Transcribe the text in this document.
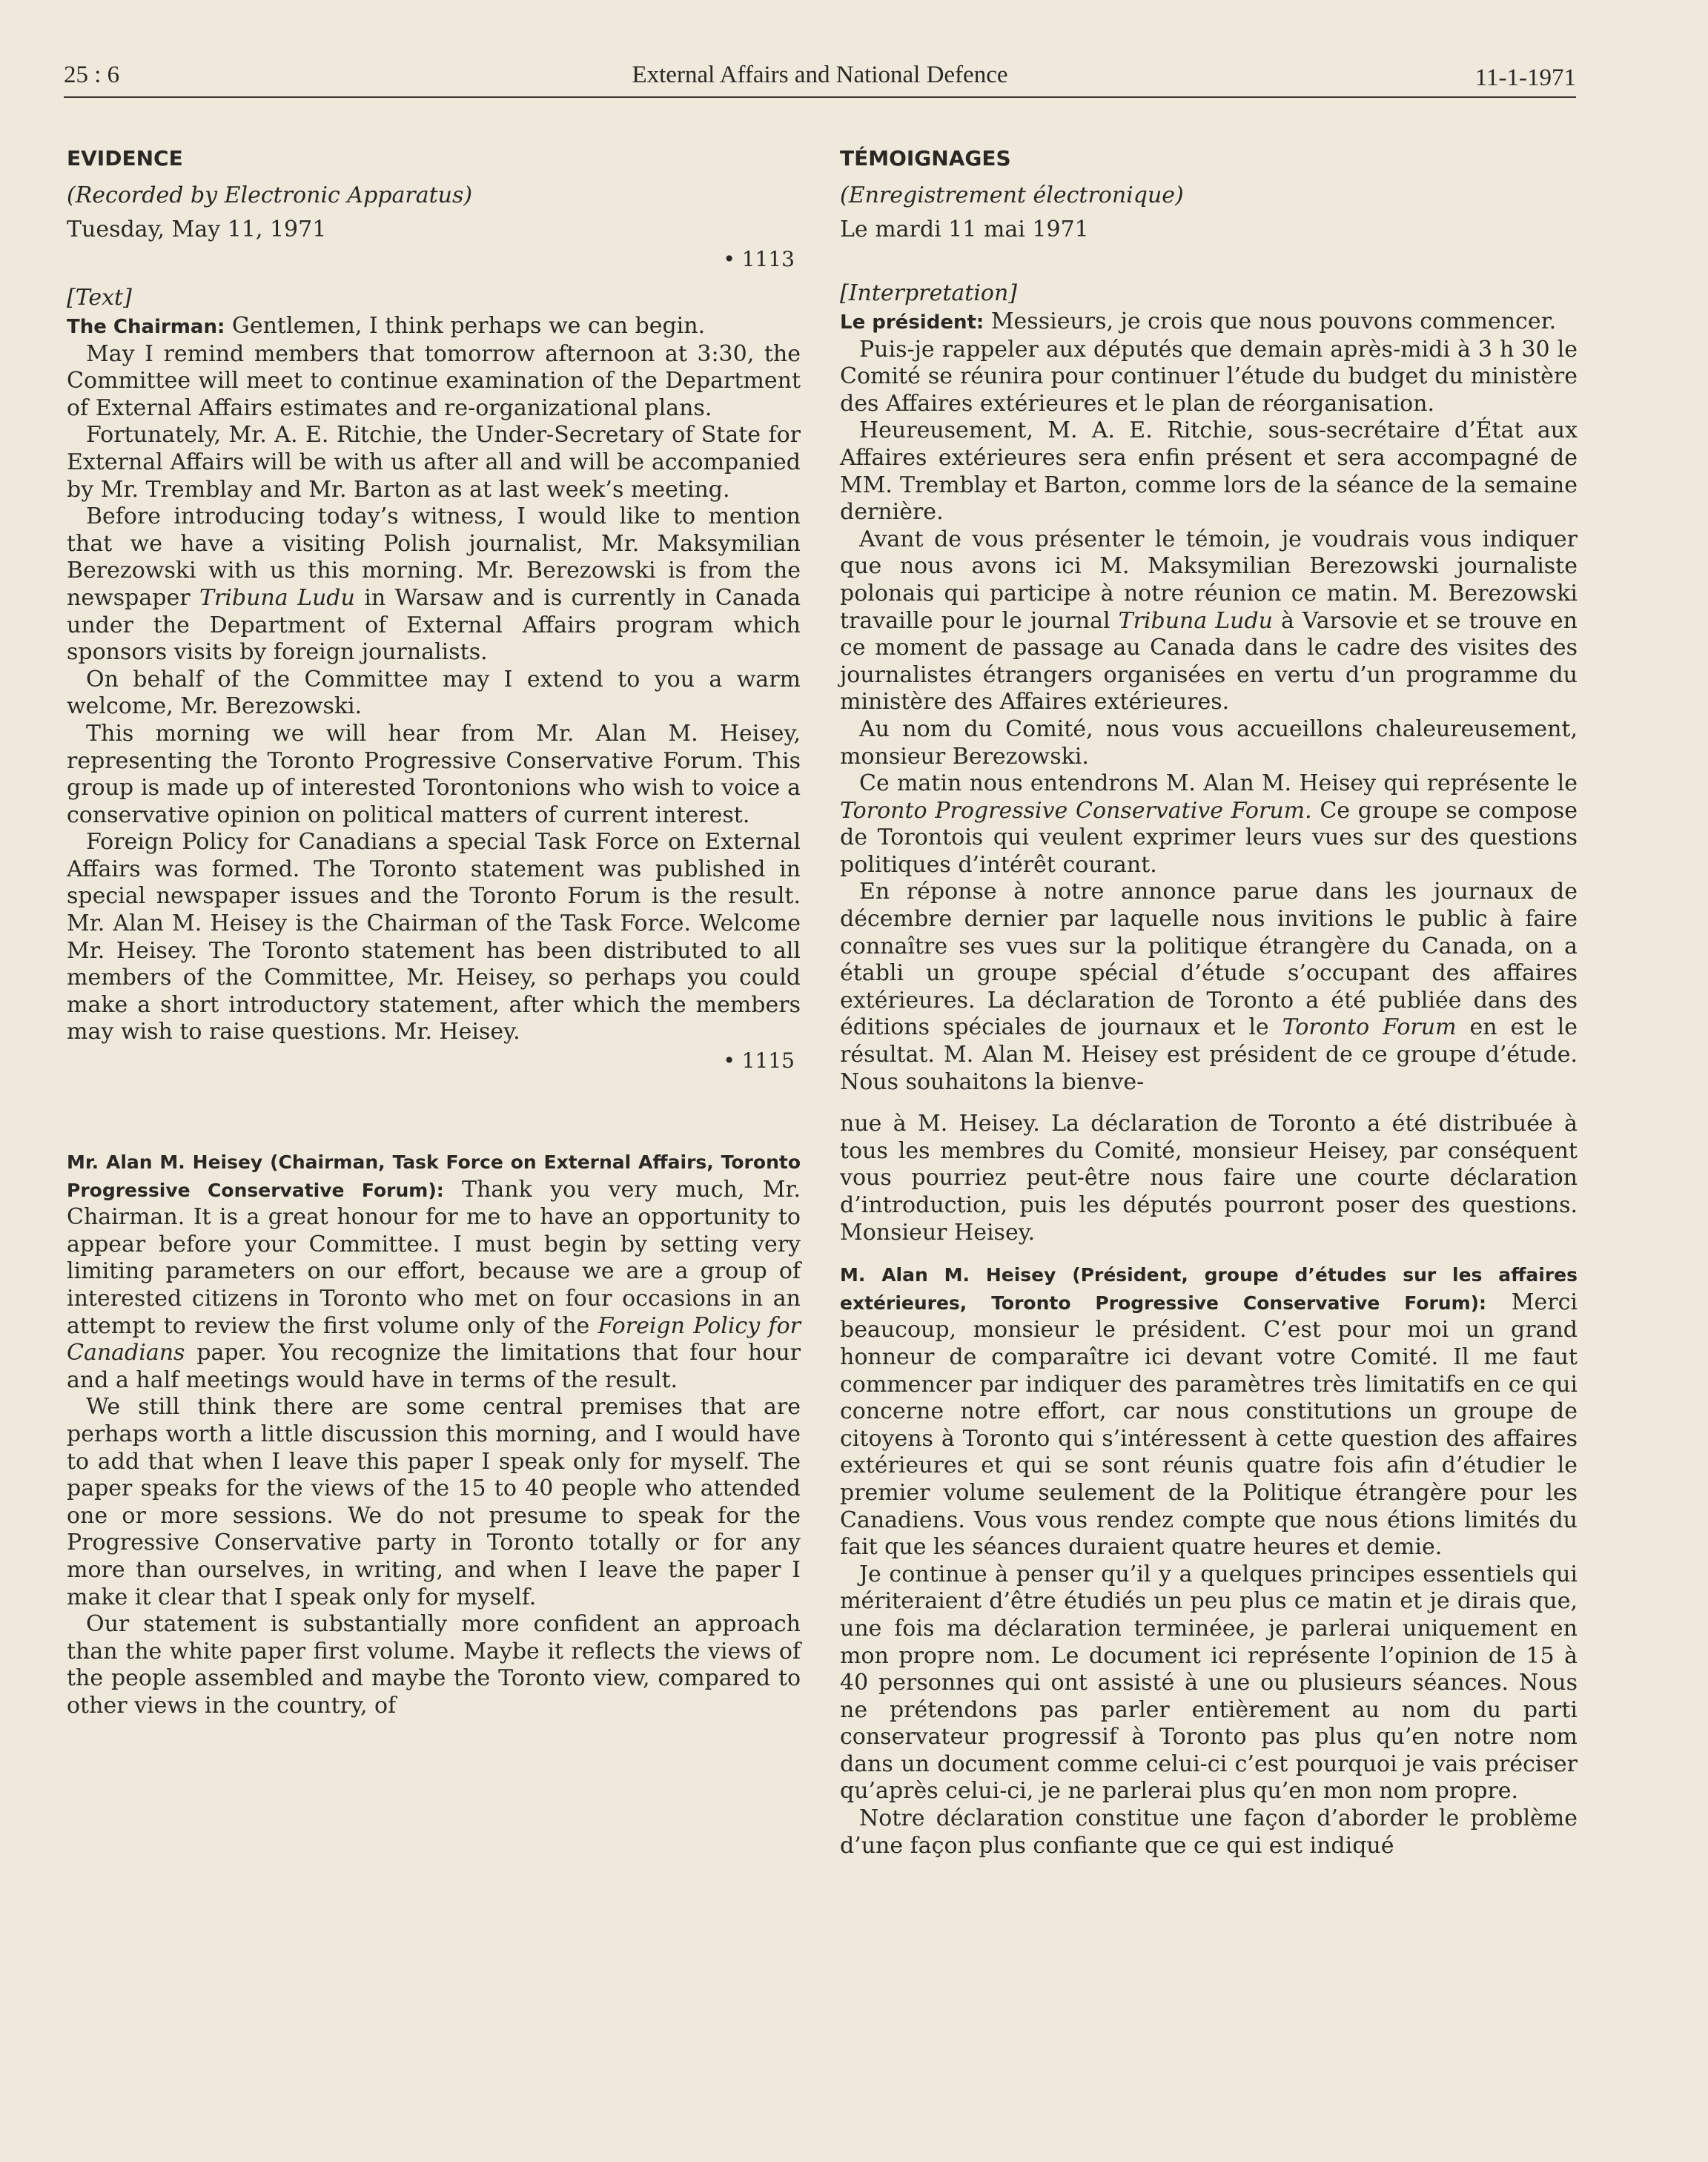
25 : 6	External Affairs and National Defence	11-1-1971
EVIDENCE
(Recorded by Electronic Apparatus)
Tuesday, May 11, 1971
• 1113
[Text]

The Chairman: Gentlemen, I think perhaps we can begin.

May I remind members that tomorrow afternoon at 3:30, the Committee will meet to continue examination of the Department of External Affairs estimates and re-organizational plans.

Fortunately, Mr. A. E. Ritchie, the Under-Secretary of State for External Affairs will be with us after all and will be accompanied by Mr. Tremblay and Mr. Barton as at last week’s meeting.

Before introducing today’s witness, I would like to mention that we have a visiting Polish journalist, Mr. Maksymilian Berezowski with us this morning. Mr. Berezowski is from the newspaper Tribuna Ludu in Warsaw and is currently in Canada under the Department of External Affairs program which sponsors visits by foreign journalists.

On behalf of the Committee may I extend to you a warm welcome, Mr. Berezowski.

This morning we will hear from Mr. Alan M. Heisey, representing the Toronto Progressive Conservative Forum. This group is made up of interested Torontonions who wish to voice a conservative opinion on political matters of current interest.

Foreign Policy for Canadians a special Task Force on External Affairs was formed. The Toronto statement was published in special newspaper issues and the Toronto Forum is the result. Mr. Alan M. Heisey is the Chairman of the Task Force. Welcome Mr. Heisey. The Toronto statement has been distributed to all members of the Committee, Mr. Heisey, so perhaps you could make a short introductory statement, after which the members may wish to raise questions. Mr. Heisey.

• 1115

Mr. Alan M. Heisey (Chairman, Task Force on External Affairs, Toronto Progressive Conservative Forum): Thank you very much, Mr. Chairman. It is a great honour for me to have an opportunity to appear before your Committee. I must begin by setting very limiting parameters on our effort, because we are a group of interested citizens in Toronto who met on four occasions in an attempt to review the first volume only of the Foreign Policy for Canadians paper. You recognize the limitations that four hour and a half meetings would have in terms of the result.

We still think there are some central premises that are perhaps worth a little discussion this morning, and I would have to add that when I leave this paper I speak only for myself. The paper speaks for the views of the 15 to 40 people who attended one or more sessions. We do not presume to speak for the Progressive Conservative party in Toronto totally or for any more than ourselves, in writing, and when I leave the paper I make it clear that I speak only for myself.

Our statement is substantially more confident an approach than the white paper first volume. Maybe it reflects the views of the people assembled and maybe the Toronto view, compared to other views in the country, of

TÉMOIGNAGES
(Enregistrement électronique)
Le mardi 11 mai 1971
[Interpretation]

Le président: Messieurs, je crois que nous pouvons commencer.

Puis-je rappeler aux députés que demain après-midi à 3 h 30 le Comité se réunira pour continuer l’étude du budget du ministère des Affaires extérieures et le plan de réorganisation.

Heureusement, M. A. E. Ritchie, sous-secrétaire d’État aux Affaires extérieures sera enfin présent et sera accompagné de MM. Tremblay et Barton, comme lors de la séance de la semaine dernière.

Avant de vous présenter le témoin, je voudrais vous indiquer que nous avons ici M. Maksymilian Berezowski journaliste polonais qui participe à notre réunion ce matin. M. Berezowski travaille pour le journal Tribuna Ludu à Varsovie et se trouve en ce moment de passage au Canada dans le cadre des visites des journalistes étrangers organisées en vertu d’un programme du ministère des Affaires extérieures.

Au nom du Comité, nous vous accueillons chaleureusement, monsieur Berezowski.

Ce matin nous entendrons M. Alan M. Heisey qui représente le Toronto Progressive Conservative Forum. Ce groupe se compose de Torontois qui veulent exprimer leurs vues sur des questions politiques d’intérêt courant.

En réponse à notre annonce parue dans les journaux de décembre dernier par laquelle nous invitions le public à faire connaître ses vues sur la politique étrangère du Canada, on a établi un groupe spécial d’étude s’occupant des affaires extérieures. La déclaration de Toronto a été publiée dans des éditions spéciales de journaux et le Toronto Forum en est le résultat. M. Alan M. Heisey est président de ce groupe d’étude. Nous souhaitons la bienve-

nue à M. Heisey. La déclaration de Toronto a été distribuée à tous les membres du Comité, monsieur Heisey, par conséquent vous pourriez peut-être nous faire une courte déclaration d’introduction, puis les députés pourront poser des questions. Monsieur Heisey.

M. Alan M. Heisey (Président, groupe d’études sur les affaires extérieures, Toronto Progressive Conservative Forum): Merci beaucoup, monsieur le président. C’est pour moi un grand honneur de comparaître ici devant votre Comité. Il me faut commencer par indiquer des paramètres très limitatifs en ce qui concerne notre effort, car nous constitutions un groupe de citoyens à Toronto qui s’intéressent à cette question des affaires extérieures et qui se sont réunis quatre fois afin d’étudier le premier volume seulement de la Politique étrangère pour les Canadiens. Vous vous rendez compte que nous étions limités du fait que les séances duraient quatre heures et demie.

Je continue à penser qu’il y a quelques principes essentiels qui mériteraient d’être étudiés un peu plus ce matin et je dirais que, une fois ma déclaration terminéee, je parlerai uniquement en mon propre nom. Le document ici représente l’opinion de 15 à 40 personnes qui ont assisté à une ou plusieurs séances. Nous ne prétendons pas parler entièrement au nom du parti conservateur progressif à Toronto pas plus qu’en notre nom dans un document comme celui-ci c’est pourquoi je vais préciser qu’après celui-ci, je ne parlerai plus qu’en mon nom propre.

Notre déclaration constitue une façon d’aborder le problème d’une façon plus confiante que ce qui est indiqué
